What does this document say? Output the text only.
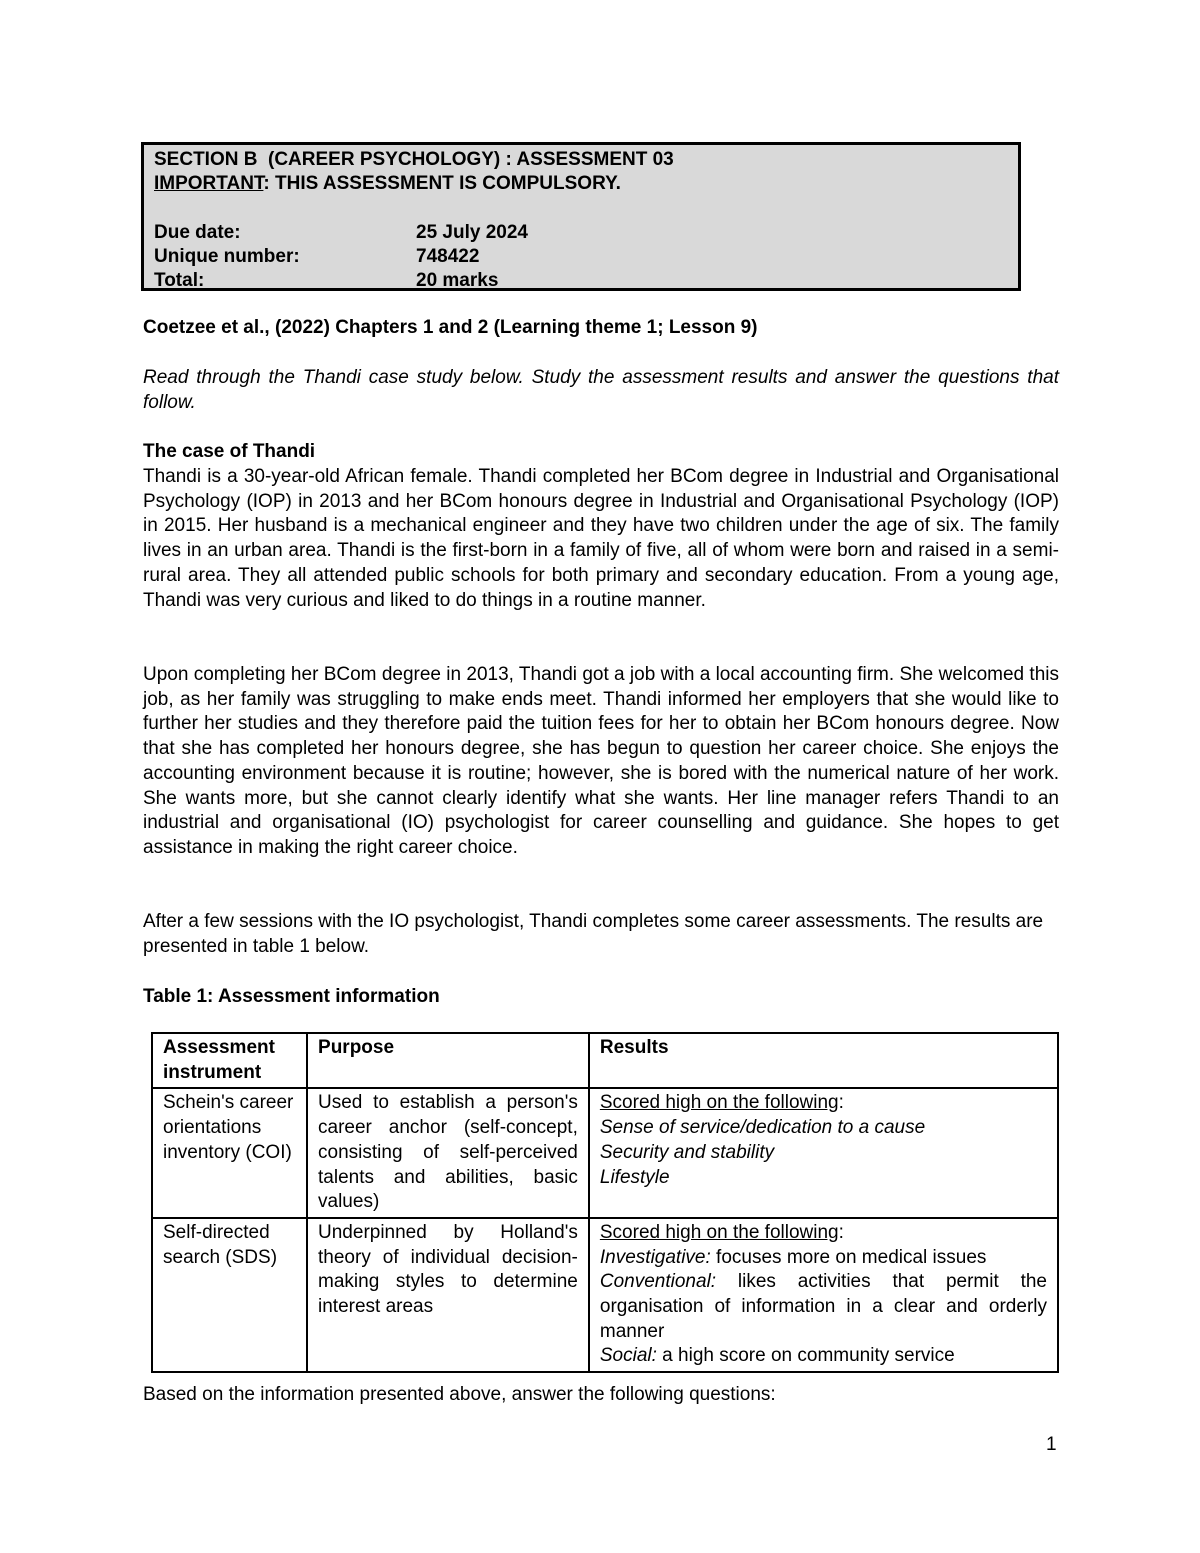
SECTION B  (CAREER PSYCHOLOGY) : ASSESSMENT 03
IMPORTANT: THIS ASSESSMENT IS COMPULSORY.
Due date:	25 July 2024
Unique number:	748422
Total:	20 marks
Coetzee et al., (2022) Chapters 1 and 2 (Learning theme 1; Lesson 9)
Read through the Thandi case study below. Study the assessment results and answer the questions that follow.
The case of Thandi
Thandi is a 30-year-old African female. Thandi completed her BCom degree in Industrial and Organisational Psychology (IOP) in 2013 and her BCom honours degree in Industrial and Organisational Psychology (IOP) in 2015. Her husband is a mechanical engineer and they have two children under the age of six. The family lives in an urban area. Thandi is the first-born in a family of five, all of whom were born and raised in a semi-rural area. They all attended public schools for both primary and secondary education. From a young age, Thandi was very curious and liked to do things in a routine manner.
Upon completing her BCom degree in 2013, Thandi got a job with a local accounting firm. She welcomed this job, as her family was struggling to make ends meet. Thandi informed her employers that she would like to further her studies and they therefore paid the tuition fees for her to obtain her BCom honours degree. Now that she has completed her honours degree, she has begun to question her career choice. She enjoys the accounting environment because it is routine; however, she is bored with the numerical nature of her work. She wants more, but she cannot clearly identify what she wants. Her line manager refers Thandi to an industrial and organisational (IO) psychologist for career counselling and guidance. She hopes to get assistance in making the right career choice.
After a few sessions with the IO psychologist, Thandi completes some career assessments. The results are presented in table 1 below.
Table 1: Assessment information
Assessment instrument	Purpose	Results
Schein's career orientations inventory (COI)	Used to establish a person's career anchor (self-concept, consisting of self-perceived talents and abilities, basic values)	Scored high on the following:
Sense of service/dedication to a cause
Security and stability
Lifestyle

Self-directed search (SDS)	Underpinned by Holland's theory of individual decision-making styles to determine interest areas	Scored high on the following:
Investigative: focuses more on medical issues
Conventional: likes activities that permit the organisation of information in a clear and orderly manner
Social: a high score on community service
Based on the information presented above, answer the following questions:
1
